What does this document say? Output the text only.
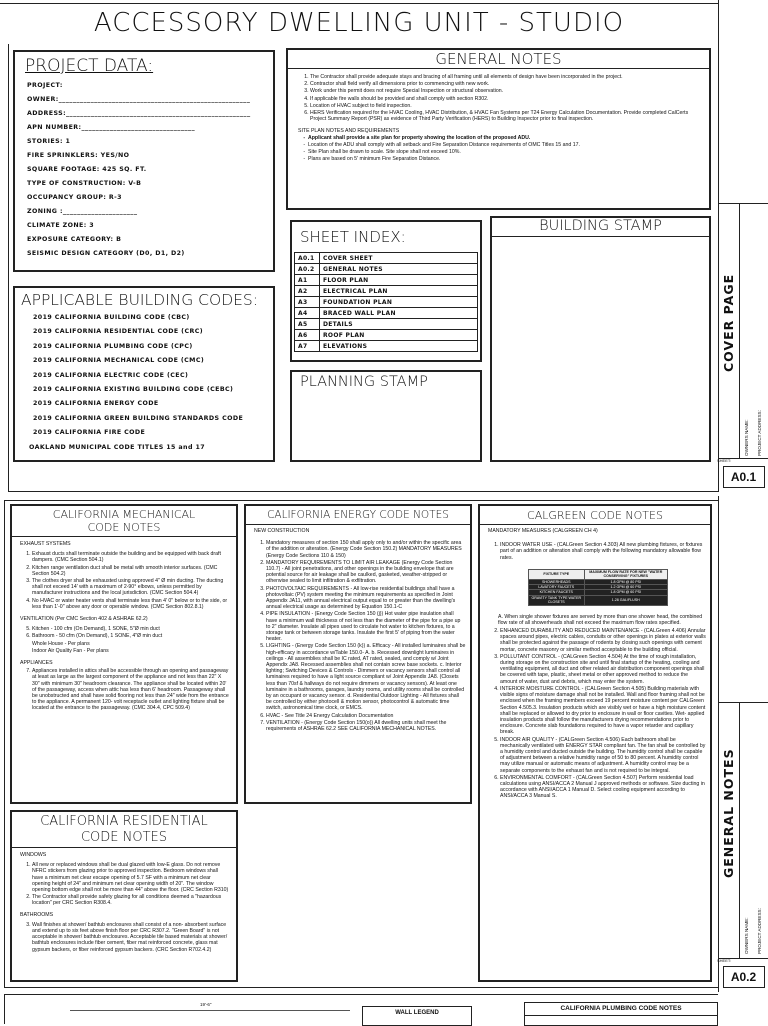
ACCESSORY DWELLING UNIT - STUDIO
PROJECT DATA:
PROJECT:
OWNER:______________________________________________________
ADDRESS:____________________________________________________
APN NUMBER:________________________________
STORIES: 1
FIRE SPRINKLERS: YES/NO
SQUARE FOOTAGE: 425 SQ. FT.
TYPE OF CONSTRUCTION: V-B
OCCUPANCY GROUP: R-3
ZONING :_____________________
CLIMATE ZONE: 3
EXPOSURE CATEGORY: B
SEISMIC DESIGN CATEGORY (D0, D1, D2)
APPLICABLE BUILDING CODES:
2019 CALIFORNIA BUILDING CODE (CBC)
2019 CALIFORNIA RESIDENTIAL CODE (CRC)
2019 CALIFORNIA PLUMBING CODE (CPC)
2019 CALIFORNIA MECHANICAL CODE (CMC)
2019 CALIFORNIA ELECTRIC CODE (CEC)
2019 CALIFORNIA EXISTING BUILDING CODE (CEBC)
2019 CALIFORNIA ENERGY CODE
2019 CALIFORNIA GREEN BUILDING STANDARDS CODE
2019 CALIFORNIA FIRE CODE
OAKLAND MUNICIPAL CODE TITLES 15 and 17
GENERAL NOTES
1. The Contractor shall provide adequate stays and bracing of all framing until all elements of design have been incorporated in the project.
2. Contractor shall field verify all dimensions prior to commencing with new work.
3. Work under this permit does not require Special Inspection or structural observation.
4. If applicable fire walls should be provided and shall comply with section R302.
5. Location of HVAC subject to field inspection.
6. HERS Verification required for the HVAC Cooling, HVAC Distribution, & HVAC Fan Systems per T24 Energy Calculation Documentation. Provide completed CalCerts Project Summary Report (PSR) as evidence of Third Party Verification (HERS) to Building Inspector prior to final inspection.
SITE PLAN NOTES AND REQUIREMENTS
- Applicant shall provide a site plan for property showing the location of the proposed ADU.
- Location of the ADU shall comply with all setback and Fire Separation Distance requirements of OMC Titles 15 and 17.
- Site Plan shall be drawn to scale. Site slope shall not exceed 10%.
- Plans are based on 5' minimum Fire Separation Distance.
SHEET INDEX:
A0.1	COVER SHEET
A0.2	GENERAL NOTES
A1	FLOOR PLAN
A2	ELECTRICAL PLAN
A3	FOUNDATION PLAN
A4	BRACED WALL PLAN
A5	DETAILS
A6	ROOF PLAN
A7	ELEVATIONS
PLANNING STAMP
BUILDING STAMP
COVER PAGE
OWNERS NAME: PROJECT ADDRESS:
SHEET:
A0.1
CALIFORNIA MECHANICAL
CODE NOTES
EXHAUST SYSTEMS
1. Exhaust ducts shall terminate outside the building and be equipped with back draft dampers. (CMC Section 504.1)
2. Kitchen range ventilation duct shall be metal with smooth interior surfaces. (CMC Section 504.2)
3. The clothes dryer shall be exhausted using approved 4" Ø min ducting. The ducting shall not exceed 14' with a maximum of 2-90° elbows, unless permitted by manufacturer instructions and the local jurisdiction. (CMC Section 504.4)
4. No HVAC or water heater vents shall terminate less than 4' 0" below or to the side, or less than 1'-0" above any door or operable window. (CMC Section 802.8.1)
VENTILATION (Per CMC Section 402 & ASHRAE 62.2)
5. Kitchen - 100 cfm (On Demand), 1 SONE, 5"Ø min duct
6. Bathroom - 50 cfm (On Demand), 1 SONE, 4"Ø min duct
Whole House - Per plans
Indoor Air Quality Fan - Per plans
APPLIANCES
7. Appliances installed in attics shall be accessible through an opening and passageway at least as large as the largest component of the appliance and not less than 22" X 30" with minimum 30" headroom clearance. The appliance shall be located within 20' of the passageway, access when attic has less than 6' headroom. Passageway shall be unobstructed and shall have solid flooring not less than 24" wide from the entrance to the appliance. A permanent 120- volt receptacle outlet and lighting fixture shall be located at the entrance to the passageway. (CMC 304.4, CPC 509.4)
CALIFORNIA RESIDENTIAL
CODE NOTES
WINDOWS
1. All new or replaced windows shall be dual glazed with low-E glass. Do not remove NFRC stickers from glazing prior to approved inspection. Bedroom windows shall have a minimum net clear escape opening of 5.7 SF with a minimum net clear opening height of 24" and minimum net clear opening width of 20". The window opening bottom edge shall not be more than 44" above the floor. (CRC Section R310)
2. The Contractor shall provide safety glazing for all conditions deemed a "hazardous location" per CRC Section R308.4.
BATHROOMS
3. Wall finishes at shower/ bathtub enclosures shall consist of a non- absorbent surface and extend up to six feet above finish floor per CRC R307.2. "Green Board" is not acceptable in shower/ bathtub enclosures. Acceptable tile based materials at shower/ bathtub enclosures include fiber cement, fiber mat reinforced concrete, glass mat gypsum backers, or fiber reinforced gypsum backers. (CRC Section R702.4.2)
CALIFORNIA ENERGY CODE NOTES
NEW CONSTRUCTION
1. Mandatory measures of section 150 shall apply only to and/or within the specific area of the addition or alteration. (Energy Code Section 150.2) MANDATORY MEASURES (Energy Code Sections 110 & 150)
2. MANDATORY REQUIREMENTS TO LIMIT AIR LEAKAGE (Energy Code Section 110.7) - All joint penetrations, and other openings in the building envelope that are potential source for air leakage shall be caulked, gasketed, weather-stripped or otherwise sealed to limit infiltration & exfiltration.
3. PHOTOVOLTAIC REQUIREMENTS - All low-rise residential buildings shall have a photovoltaic (PV) system meeting the minimum requirements as specified in Joint Appendix JA11, with annual electrical output equal to or greater than the dwelling's annual electrical usage as determined by Equation 150.1-C
4. PIPE INSULATION - (Energy Code Section 150 (j)) Hot water pipe insulation shall have a minimum wall thickness of not less than the diameter of the pipe for a pipe up to 2" diameter. Insulate all pipes used to circulate hot water to kitchen fixtures, to a storage tank or between storage tanks. Insulate the first 5' of piping from the water heater.
5. LIGHTING - (Energy Code Section 150 (k)) a. Efficacy - All installed luminaires shall be high-efficacy in accordance w/Table 150.0- A. b. Recessed downlight luminaires in ceilings - All assemblies shall be IC rated, AT rated, sealed, and comply w/ Joint Appendix JA8. Recessed assemblies shall not contain screw base sockets. c. Interior lighting; Switching Devices & Controls - Dimmers or vacancy sensors shall control all luminaires required to have a light source compliant w/ Joint Appendix JA8. (Closets less than 70sf & hallways do not require dimmers or vacancy sensors). At least one luminaire in a bathrooms, garages, laundry rooms, and utility rooms shall be controlled by an occupant or vacancy sensor. d. Residential Outdoor Lighting - All fixtures shall be controlled by either photocell & motion sensor, photocontrol & automatic time switch, astronomical time clock, or EMCS.
6. HVAC - See Title 24 Energy Calculation Documentation
7. VENTILATION - (Energy Code Section 150(o)) All dwelling units shall meet the requirements of ASHRAE 62.2 SEE CALIFORNIA MECHANICAL NOTES.
CALGREEN CODE NOTES
MANDATORY MEASURES (CALGREEN CH 4)
1. INDOOR WATER USE - (CALGreen Section 4.303) All new plumbing fixtures, or fixtures part of an addition or alteration shall comply with the following mandatory allowable flow rates.
FIXTURE TYPE	MAXIMUM FLOW RATE FOR NEW "WATER CONSERVING" FIXTURES
SHOWERHEADS	1.8 GPM @ 80 PSI
LAVATORY FAUCETS	1.2 GPM @ 60 PSI
KITCHEN FAUCETS	1.8 GPM @ 60 PSI
GRAVITY TANK TYPE WATER CLOSETS	1.28 GAL/FLUSH
A. When single shower fixtures are served by more than one shower head, the combined flow rate of all showerheads shall not exceed the maximum flow rates specified.
2. ENHANCED DURABILITY AND REDUCED MAINTENANCE - (CALGreen 4.406) Annular spaces around pipes, electric cables, conduits or other openings in plates at exterior walls shall be protected against the passage of rodents by closing such openings with cement mortar, concrete masonry or similar method acceptable to the building official.
3. POLLUTANT CONTROL - (CALGreen Section 4.504) At the time of rough installation, during storage on the construction site and until final startup of the heating, cooling and ventilating equipment, all duct and other related air distribution component openings shall be covered with tape, plastic, sheet metal or other approved method to reduce the amount of water, dust and debris, which may enter the system.
4. INTERIOR MOISTURE CONTROL - (CALGreen Section 4.505) Building materials with visible signs of moisture damage shall not be installed. Wall and floor framing shall not be enclosed when the framing members exceed 19 percent moisture content per CALGreen Section 4.505.3. Insulation products which are visibly wet or have a high moisture content shall be replaced or allowed to dry prior to enclosure in wall or floor cavities. Wet- applied insulation products shall follow the manufacturers drying recommendations prior to enclosure. Concrete slab foundations required to have a vapor retarder and capillary break.
5. INDOOR AIR QUALITY - (CALGreen Section 4.506) Each bathroom shall be mechanically ventilated with ENERGY STAR compliant fan. The fan shall be controlled by a humidity control and ducted outside the building. The humidity control shall be capable of adjustment between a relative humidity range of 50 to 80 percent. A humidity control may utilize manual or automatic means of adjustment. A humidity control may be a separate components to the exhaust fan and is not required to be integral.
6. ENVIRONMENTAL COMFORT - (CALGreen Section 4.507) Perform residential load calculations using ANSI/ACCA 2 Manual J approved methods or software. Size ducting in accordance with ANSI/ACCA 1 Manual D. Select cooling equipment according to ANSI/ACCA 3 Manual S.	GENERAL NOTES
OWNERS NAME: PROJECT ADDRESS:
SHEET:
A0.2
19'-6"
WALL LEGEND
CALIFORNIA PLUMBING CODE NOTES
